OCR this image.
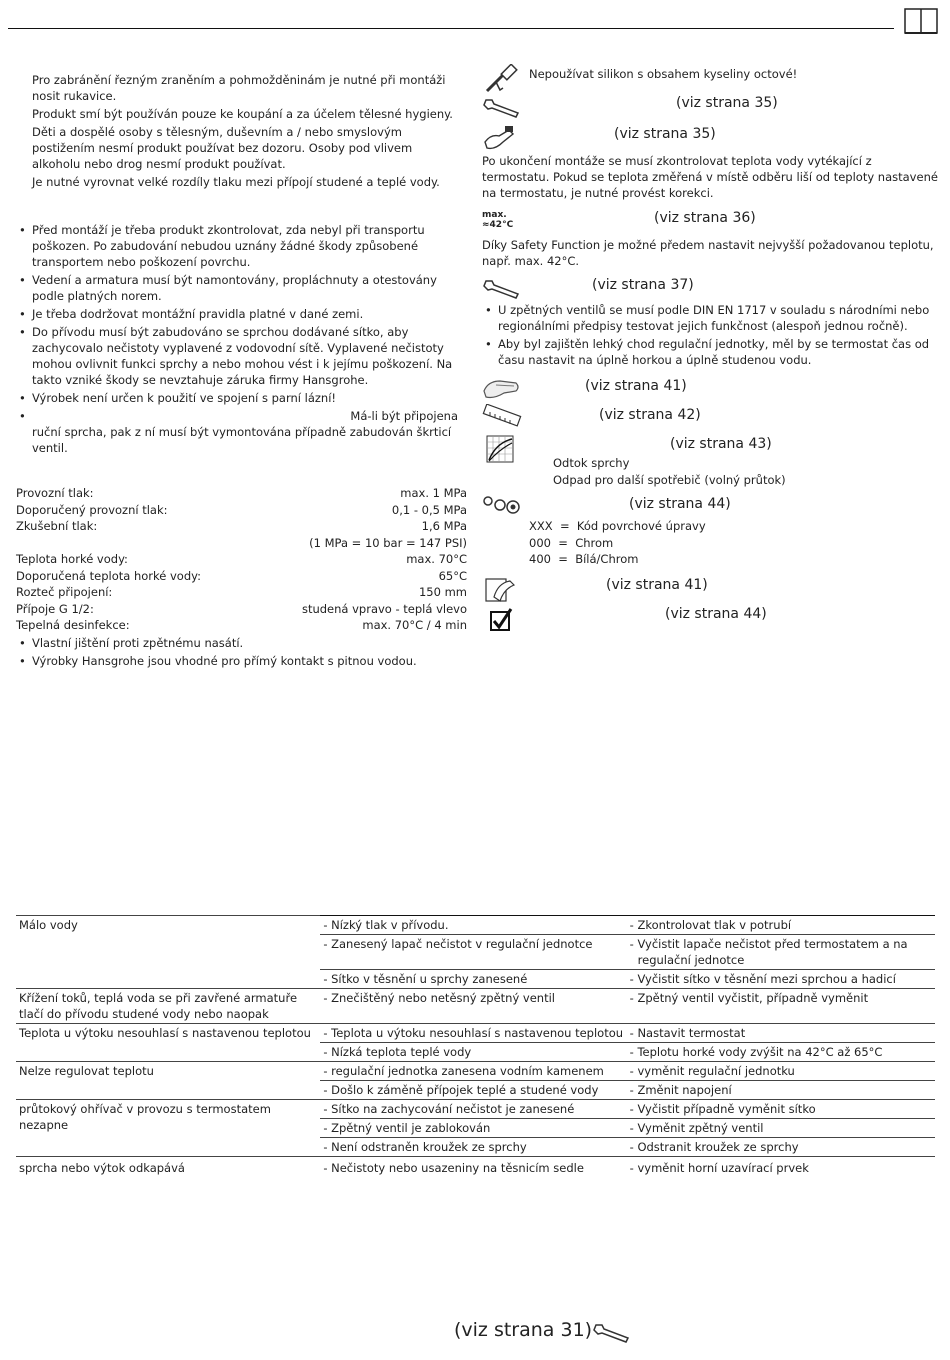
Pro zabránění řezným zraněním a pohmožděninám je nutné při montáži nosit rukavice.

Produkt smí být používán pouze ke koupání a za účelem tělesné hygieny.

Děti a dospělé osoby s tělesným, duševním a / nebo smyslovým postižením nesmí produkt používat bez dozoru. Osoby pod vlivem alkoholu nebo drog nesmí produkt používat.

Je nutné vyrovnat velké rozdíly tlaku mezi přípojí studené a teplé vody.

• Před montáží je třeba produkt zkontrolovat, zda nebyl při transportu poškozen. Po zabudování nebudou uznány žádné škody způsobené transportem nebo poškození povrchu.
• Vedení a armatura musí být namontovány, propláchnuty a otestovány podle platných norem.
• Je třeba dodržovat montážní pravidla platné v dané zemi.
• Do přívodu musí být zabudováno se sprchou dodávané sítko, aby zachycovalo nečistoty vyplavené z vodovodní sítě. Vyplavené nečistoty mohou ovlivnit funkci sprchy a nebo mohou vést i k jejímu poškození. Na takto vzniké škody se nevztahuje záruka firmy Hansgrohe.
• Výrobek není určen k použití ve spojení s parní lázní!
• Má-li být připojena
ruční sprcha, pak z ní musí být vymontována případně zabudován škrticí ventil.
Provozní tlak:	max. 1 MPa
Doporučený provozní tlak:	0,1 - 0,5 MPa
Zkušební tlak:	1,6 MPa
(1 MPa = 10 bar = 147 PSI)
Teplota horké vody:	max. 70°C
Doporučená teplota horké vody:	65°C
Rozteč připojení:	150 mm
Přípoje G 1/2:	studená vpravo - teplá vlevo
Tepelná desinfekce:	max. 70°C / 4 min
• Vlastní jištění proti zpětnému nasátí.
• Výrobky Hansgrohe jsou vhodné pro přímý kontakt s pitnou vodou.
Nepoužívat silikon s obsahem kyseliny octové!
(viz strana 35)
(viz strana 35)
Po ukončení montáže se musí zkontrolovat teplota vody vytékající z termostatu. Pokud se teplota změřená v místě odběru liší od teploty nastavené na termostatu, je nutné provést korekci.
max.
≈42°C	(viz strana 36)
Díky Safety Function je možné předem nastavit nejvyšší požadovanou teplotu, např. max. 42°C.
(viz strana 37)
• U zpětných ventilů se musí podle DIN EN 1717 v souladu s národními nebo regionálními předpisy testovat jejich funkčnost (alespoň jednou ročně).
• Aby byl zajištěn lehký chod regulační jednotky, měl by se termostat čas od času nastavit na úplně horkou a úplně studenou vodu.
(viz strana 41)
(viz strana 42)
(viz strana 43)
Odtok sprchy
Odpad pro další spotřebič (volný průtok)
(viz strana 44)
XXX  =  Kód povrchové úpravy
000  =  Chrom
400  =  Bílá/Chrom
(viz strana 41)
(viz strana 44)
Málo vody	- Nízký tlak v přívodu.	- Zkontrolovat tlak v potrubí

	- Zanesený lapač nečistot v regulační jednotce	- Vyčistit lapače nečistot před termostatem a na regulační jednotce

	- Sítko v těsnění u sprchy zanesené	- Vyčistit sítko v těsnění mezi sprchou a hadicí

Křížení toků, teplá voda se při zavřené armatuře tlačí do přívodu studené vody nebo naopak	- Znečištěný nebo netěsný zpětný ventil	- Zpětný ventil vyčistit, případně vyměnit

Teplota u výtoku nesouhlasí s nastavenou teplotou	- Teplota u výtoku nesouhlasí s nastavenou teplotou	- Nastavit termostat

	- Nízká teplota teplé vody	- Teplotu horké vody zvýšit na 42°C až 65°C

Nelze regulovat teplotu	- regulační jednotka zanesena vodním kamenem	- vyměnit regulační jednotku

	- Došlo k záměně přípojek teplé a studené vody	- Změnit napojení

průtokový ohřívač v provozu s termostatem nezapne	- Sítko na zachycování nečistot je zanesené	- Vyčistit případně vyměnit sítko

	- Zpětný ventil je zablokován	- Vyměnit zpětný ventil

	- Není odstraněn kroužek ze sprchy	- Odstranit kroužek ze sprchy

sprcha nebo výtok odkapává	- Nečistoty nebo usazeniny na těsnicím sedle	- vyměnit horní uzavírací prvek
(viz strana 31)
